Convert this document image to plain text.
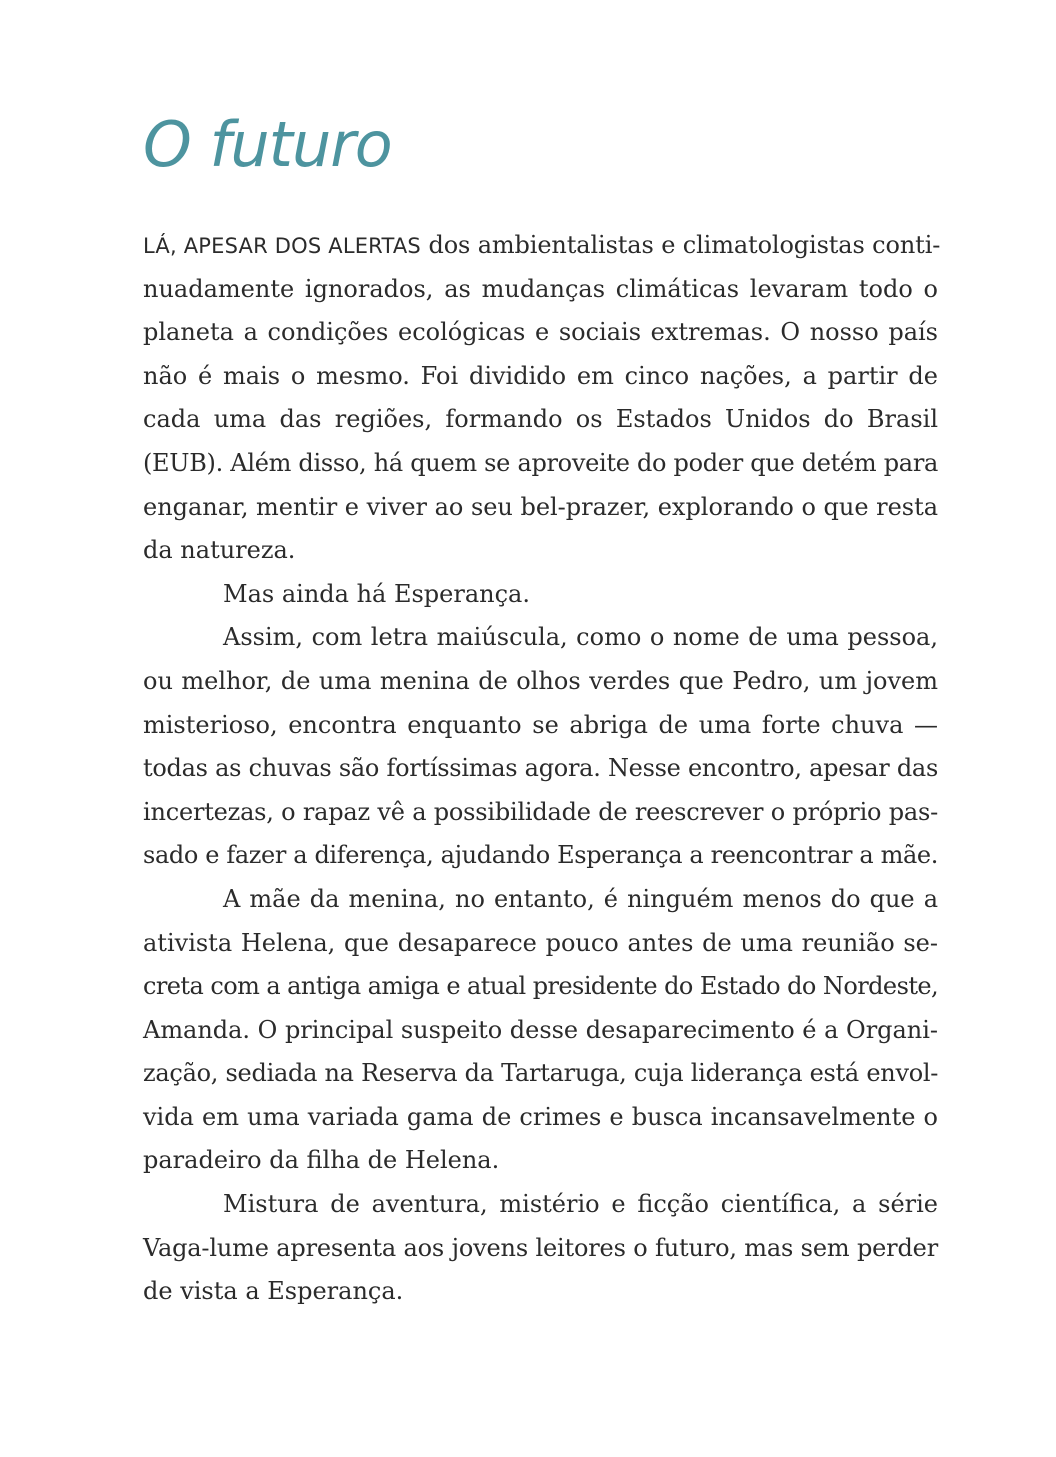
O futuro
LÁ, APESAR DOS ALERTAS dos ambientalistas e climatologistas conti-
nuadamente ignorados, as mudanças climáticas levaram todo o
planeta a condições ecológicas e sociais extremas. O nosso país
não é mais o mesmo. Foi dividido em cinco nações, a partir de
cada uma das regiões, formando os Estados Unidos do Brasil
(EUB). Além disso, há quem se aproveite do poder que detém para
enganar, mentir e viver ao seu bel-prazer, explorando o que resta
da natureza.
Mas ainda há Esperança.
Assim, com letra maiúscula, como o nome de uma pessoa,
ou melhor, de uma menina de olhos verdes que Pedro, um jovem
misterioso, encontra enquanto se abriga de uma forte chuva —
todas as chuvas são fortíssimas agora. Nesse encontro, apesar das
incertezas, o rapaz vê a possibilidade de reescrever o próprio pas-
sado e fazer a diferença, ajudando Esperança a reencontrar a mãe.
A mãe da menina, no entanto, é ninguém menos do que a
ativista Helena, que desaparece pouco antes de uma reunião se-
creta com a antiga amiga e atual presidente do Estado do Nordeste,
Amanda. O principal suspeito desse desaparecimento é a Organi-
zação, sediada na Reserva da Tartaruga, cuja liderança está envol-
vida em uma variada gama de crimes e busca incansavelmente o
paradeiro da filha de Helena.
Mistura de aventura, mistério e ficção científica, a série
Vaga-lume apresenta aos jovens leitores o futuro, mas sem perder
de vista a Esperança.
